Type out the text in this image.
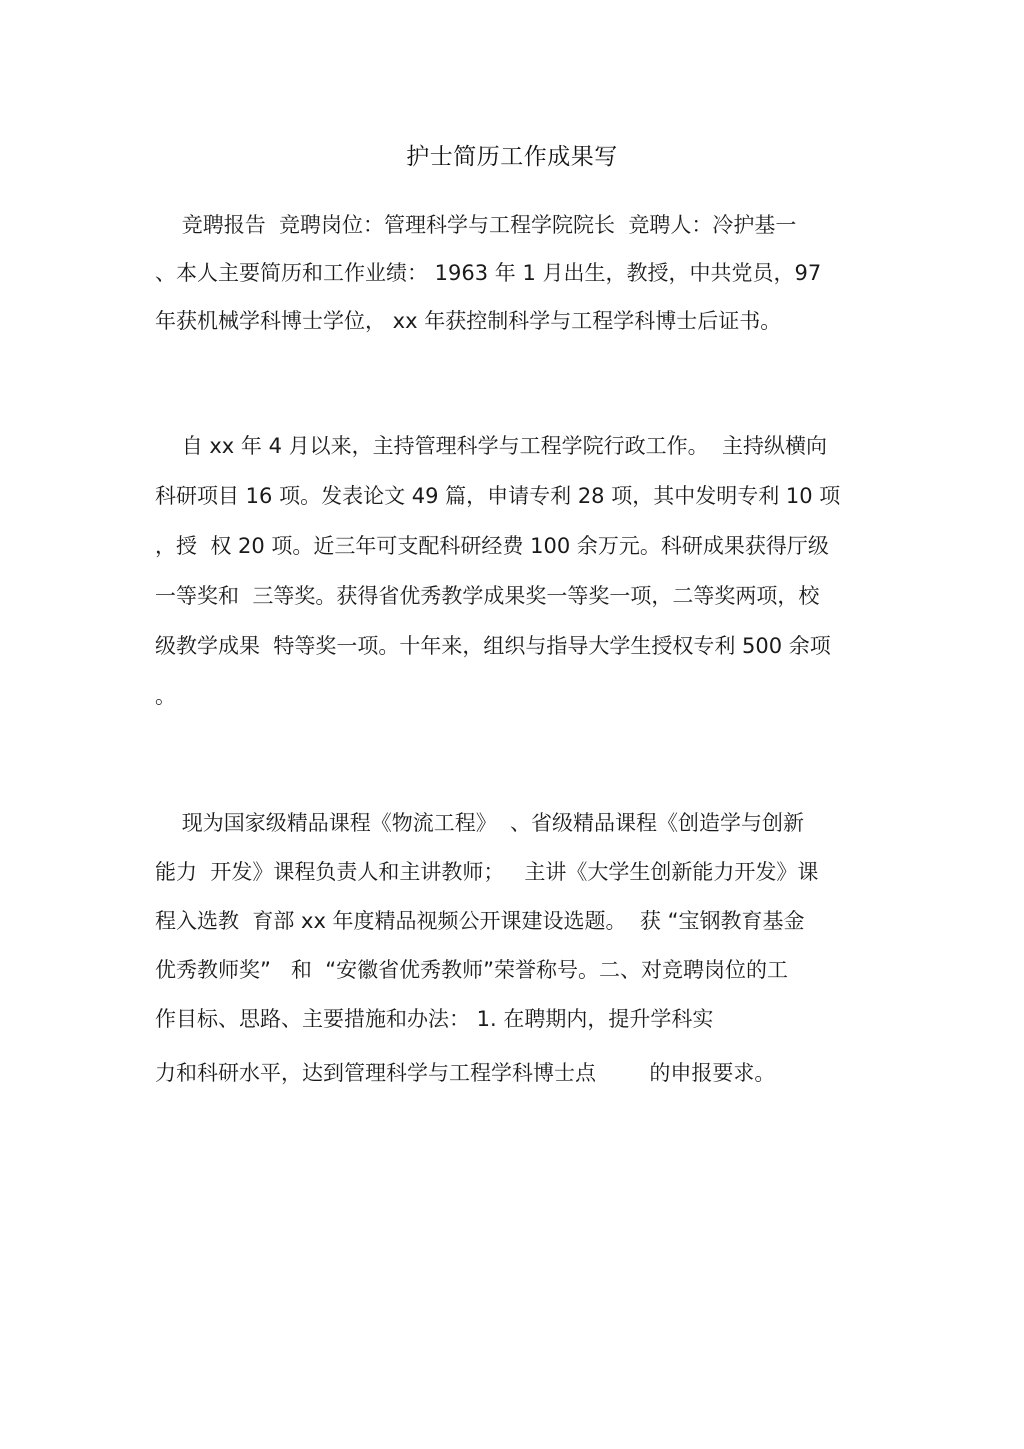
护士简历工作成果写
竞聘报告  竞聘岗位：管理科学与工程学院院长  竞聘人：冷护基一
、本人主要简历和工作业绩： 1963 年 1 月出生，教授，中共党员，97
年获机械学科博士学位， xx 年获控制科学与工程学科博士后证书。
自 xx 年 4 月以来，主持管理科学与工程学院行政工作。  主持纵横向
科研项目 16 项。发表论文 49 篇，申请专利 28 项，其中发明专利 10 项
，授  权 20 项。近三年可支配科研经费 100 余万元。科研成果获得厅级
一等奖和  三等奖。获得省优秀教学成果奖一等奖一项，二等奖两项，校
级教学成果  特等奖一项。十年来，组织与指导大学生授权专利 500 余项
。
现为国家级精品课程《物流工程》  、省级精品课程《创造学与创新
能力  开发》课程负责人和主讲教师；   主讲《大学生创新能力开发》课
程入选教  育部 xx 年度精品视频公开课建设选题。  获 “宝钢教育基金
优秀教师奖”   和  “安徽省优秀教师”荣誉称号。二、对竞聘岗位的工
作目标、思路、主要措施和办法： 1. 在聘期内，提升学科实
力和科研水平，达到管理科学与工程学科博士点        的申报要求。
